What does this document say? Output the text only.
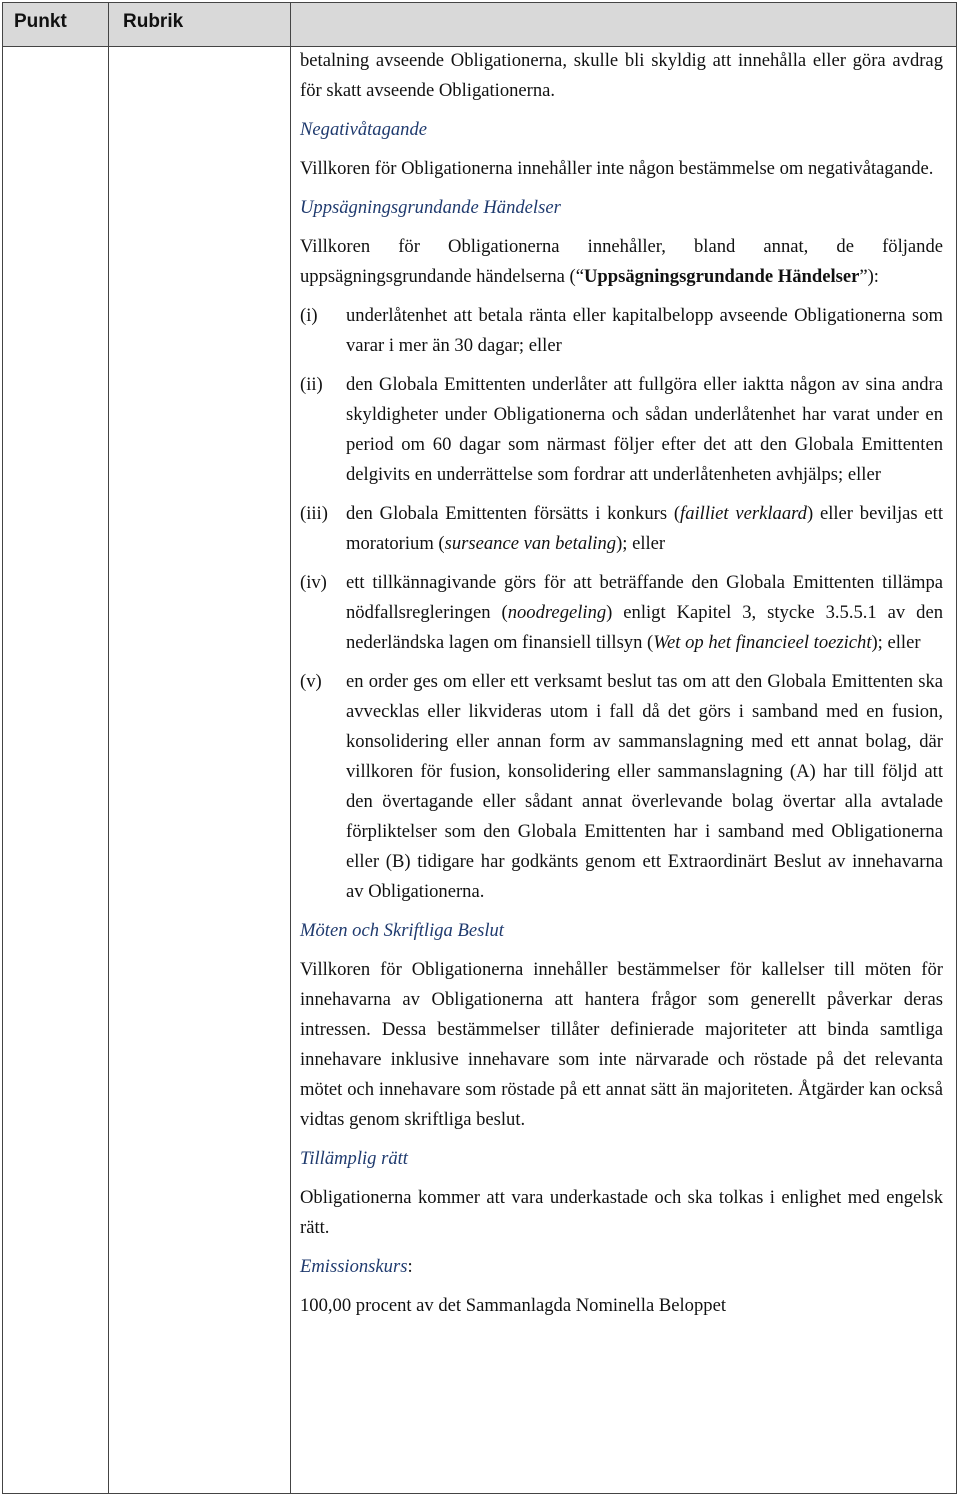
Punkt	Rubrik

betalning avseende Obligationerna, skulle bli skyldig att innehålla eller göra avdrag för skatt avseende Obligationerna.

Negativåtagande

Villkoren för Obligationerna innehåller inte någon bestämmelse om negativåtagande.

Uppsägningsgrundande Händelser

Villkoren för Obligationerna innehåller, bland annat, de följande uppsägningsgrundande händelserna (“Uppsägningsgrundande Händelser”):

(i) underlåtenhet att betala ränta eller kapitalbelopp avseende Obligationerna som varar i mer än 30 dagar; eller
(ii) den Globala Emittenten underlåter att fullgöra eller iaktta någon av sina andra skyldigheter under Obligationerna och sådan underlåtenhet har varat under en period om 60 dagar som närmast följer efter det att den Globala Emittenten delgivits en underrättelse som fordrar att underlåtenheten avhjälps; eller
(iii) den Globala Emittenten försätts i konkurs (failliet verklaard) eller beviljas ett moratorium (surseance van betaling); eller
(iv) ett tillkännagivande görs för att beträffande den Globala Emittenten tillämpa nödfallsregleringen (noodregeling) enligt Kapitel 3, stycke 3.5.5.1 av den nederländska lagen om finansiell tillsyn (Wet op het financieel toezicht); eller
(v) en order ges om eller ett verksamt beslut tas om att den Globala Emittenten ska avvecklas eller likvideras utom i fall då det görs i samband med en fusion, konsolidering eller annan form av sammanslagning med ett annat bolag, där villkoren för fusion, konsolidering eller sammanslagning (A) har till följd att den övertagande eller sådant annat överlevande bolag övertar alla avtalade förpliktelser som den Globala Emittenten har i samband med Obligationerna eller (B) tidigare har godkänts genom ett Extraordinärt Beslut av innehavarna av Obligationerna.

Möten och Skriftliga Beslut

Villkoren för Obligationerna innehåller bestämmelser för kallelser till möten för innehavarna av Obligationerna att hantera frågor som generellt påverkar deras intressen. Dessa bestämmelser tillåter definierade majoriteter att binda samtliga innehavare inklusive innehavare som inte närvarade och röstade på det relevanta mötet och innehavare som röstade på ett annat sätt än majoriteten. Åtgärder kan också vidtas genom skriftliga beslut.

Tillämplig rätt

Obligationerna kommer att vara underkastade och ska tolkas i enlighet med engelsk rätt.

Emissionskurs:

100,00 procent av det Sammanlagda Nominella Beloppet
